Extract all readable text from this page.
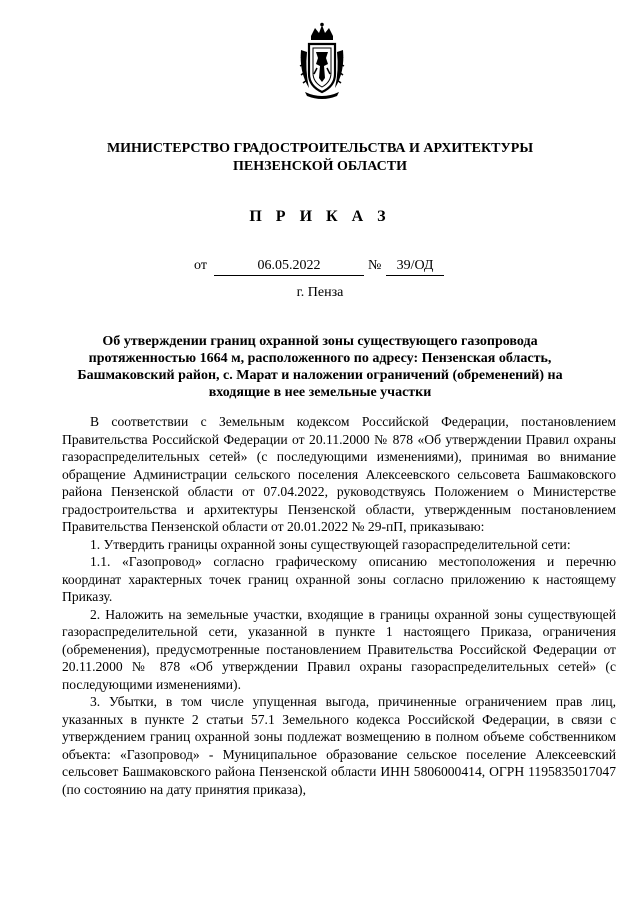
МИНИСТЕРСТВО ГРАДОСТРОИТЕЛЬСТВА И АРХИТЕКТУРЫ
ПЕНЗЕНСКОЙ ОБЛАСТИ
П Р И К А З
от	06.05.2022	№	39/ОД
г. Пенза
Об утверждении границ охранной зоны существующего газопровода
протяженностью 1664 м, расположенного по адресу: Пензенская область,
Башмаковский район, с. Марат и наложении ограничений (обременений) на
входящие в нее земельные участки

В соответствии с Земельным кодексом Российской Федерации, постановлением Правительства Российской Федерации от 20.11.2000 № 878 «Об утверждении Правил охраны газораспределительных сетей» (с последующими изменениями), принимая во внимание обращение Администрации сельского поселения Алексеевского сельсовета Башмаковского района Пензенской области от 07.04.2022, руководствуясь Положением о Министерстве градостроительства и архитектуры Пензенской области, утвержденным постановлением Правительства Пензенской области от 20.01.2022 № 29-пП, приказываю:

1. Утвердить границы охранной зоны существующей газораспределительной сети:

1.1. «Газопровод» согласно графическому описанию местоположения и перечню координат характерных точек границ охранной зоны согласно приложению к настоящему Приказу.

2. Наложить на земельные участки, входящие в границы охранной зоны существующей газораспределительной сети, указанной в пункте 1 настоящего Приказа, ограничения (обременения), предусмотренные постановлением Правительства Российской Федерации от 20.11.2000 № 878 «Об утверждении Правил охраны газораспределительных сетей» (с последующими изменениями).

3. Убытки, в том числе упущенная выгода, причиненные ограничением прав лиц, указанных в пункте 2 статьи 57.1 Земельного кодекса Российской Федерации, в связи с утверждением границ охранной зоны подлежат возмещению в полном объеме собственником объекта: «Газопровод» - Муниципальное образование сельское поселение Алексеевский сельсовет Башмаковского района Пензенской области ИНН 5806000414, ОГРН 1195835017047 (по состоянию на дату принятия приказа),
